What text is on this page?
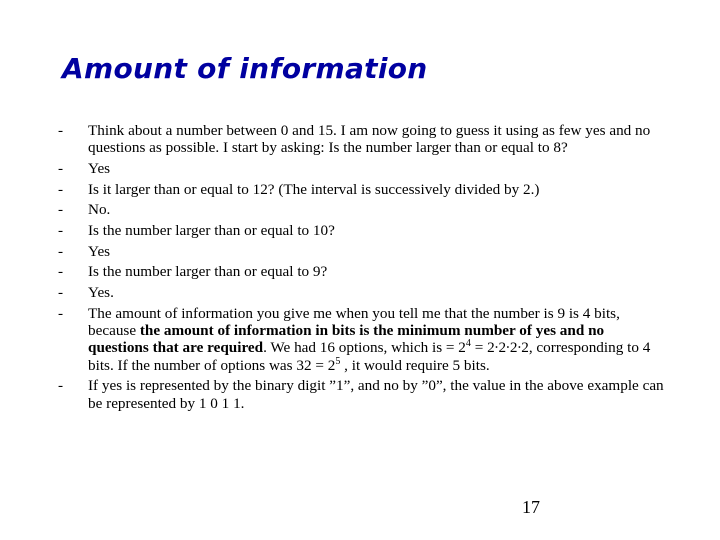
Amount of information
- Think about a number between 0 and 15. I am now going to guess it using as few yes and no questions as possible. I start by asking: Is the number larger than or equal to 8?
- Yes
- Is it larger than or equal to 12? (The interval is successively divided by 2.)
- No.
- Is the number larger than or equal to 10?
- Yes
- Is the number larger than or equal to 9?
- Yes.
- The amount of information you give me when you tell me that the number is 9 is 4 bits, because the amount of information in bits is the minimum number of yes and no questions that are required. We had 16 options, which is = $2^4 = 2\cdot 2\cdot 2\cdot 2$, corresponding to 4 bits. If the number of options was $32 = 2^5$ , it would require 5 bits.
- If yes is represented by the binary digit ”1”, and no by ”0”, the value in the above example can be represented by 1 0 1 1.
17
